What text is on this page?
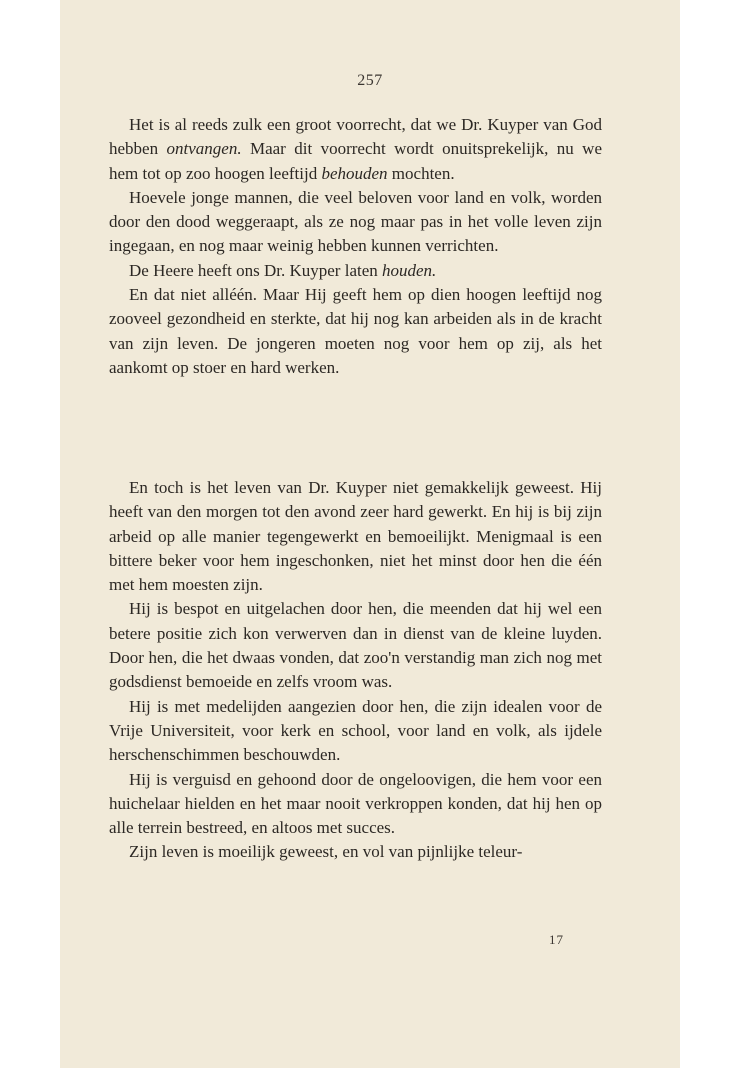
257

Het is al reeds zulk een groot voorrecht, dat we Dr. Kuyper van God hebben ontvangen. Maar dit voorrecht wordt onuitsprekelijk, nu we hem tot op zoo hoogen leeftijd behouden mochten.

Hoevele jonge mannen, die veel beloven voor land en volk, worden door den dood weggeraapt, als ze nog maar pas in het volle leven zijn ingegaan, en nog maar weinig hebben kunnen verrichten.

De Heere heeft ons Dr. Kuyper laten houden.

En dat niet alléén. Maar Hij geeft hem op dien hoogen leeftijd nog zooveel gezondheid en sterkte, dat hij nog kan arbeiden als in de kracht van zijn leven. De jongeren moeten nog voor hem op zij, als het aankomt op stoer en hard werken.

En toch is het leven van Dr. Kuyper niet gemakkelijk geweest. Hij heeft van den morgen tot den avond zeer hard gewerkt. En hij is bij zijn arbeid op alle manier tegengewerkt en bemoeilijkt. Menigmaal is een bittere beker voor hem ingeschonken, niet het minst door hen die één met hem moesten zijn.

Hij is bespot en uitgelachen door hen, die meenden dat hij wel een betere positie zich kon verwerven dan in dienst van de kleine luyden. Door hen, die het dwaas vonden, dat zoo'n verstandig man zich nog met godsdienst bemoeide en zelfs vroom was.

Hij is met medelijden aangezien door hen, die zijn idealen voor de Vrije Universiteit, voor kerk en school, voor land en volk, als ijdele herschenschimmen beschouwden.

Hij is verguisd en gehoond door de ongeloovigen, die hem voor een huichelaar hielden en het maar nooit verkroppen konden, dat hij hen op alle terrein bestreed, en altoos met succes.

Zijn leven is moeilijk geweest, en vol van pijnlijke teleur-

17
